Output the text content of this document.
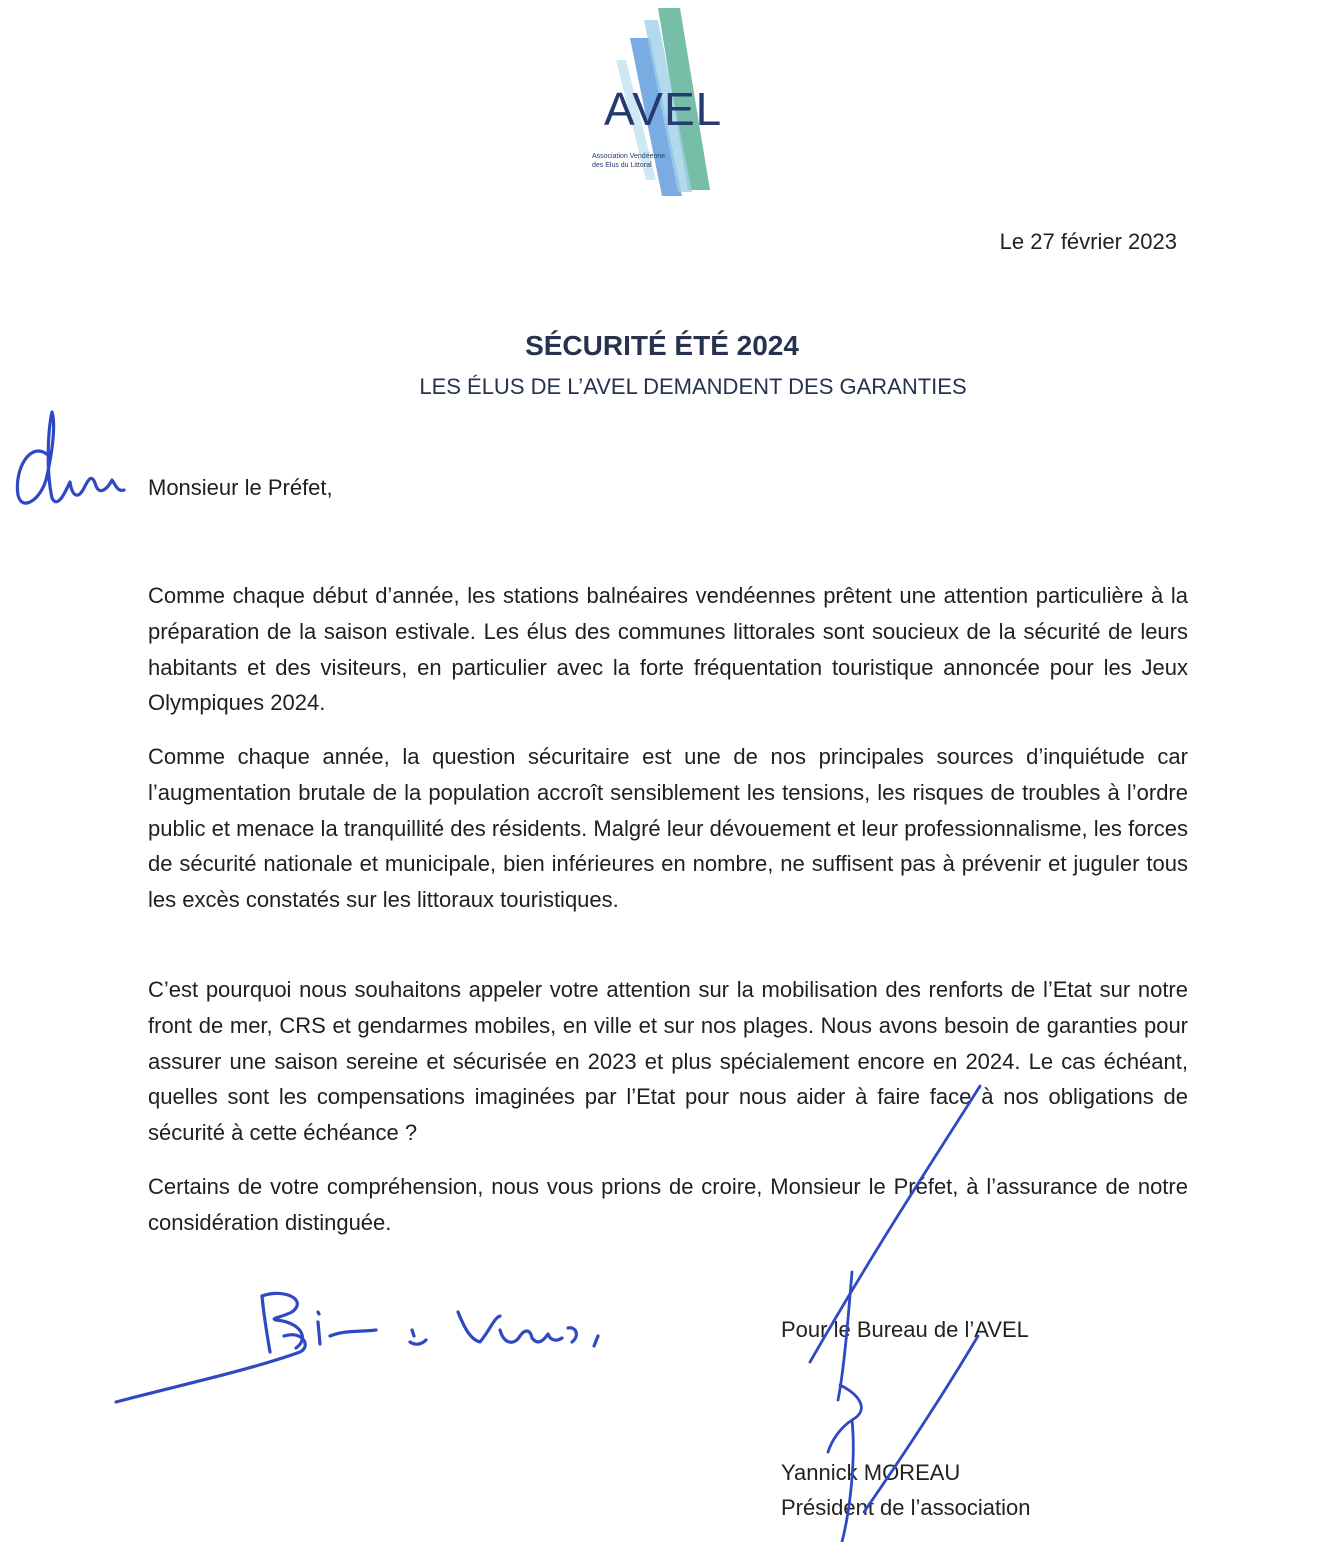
AVEL
Association Vendéenne
des Elus du Littoral
Le 27 février 2023
SÉCURITÉ ÉTÉ 2024
LES ÉLUS DE L’AVEL DEMANDENT DES GARANTIES
Monsieur le Préfet,

Comme chaque début d’année, les stations balnéaires vendéennes prêtent une attention particulière à la préparation de la saison estivale. Les élus des communes littorales sont soucieux de la sécurité de leurs habitants et des visiteurs, en particulier avec la forte fréquentation touristique annoncée pour les Jeux Olympiques 2024.

Comme chaque année, la question sécuritaire est une de nos principales sources d’inquiétude car l’augmentation brutale de la population accroît sensiblement les tensions, les risques de troubles à l’ordre public et menace la tranquillité des résidents. Malgré leur dévouement et leur professionnalisme, les forces de sécurité nationale et municipale, bien inférieures en nombre, ne suffisent pas à prévenir et juguler tous les excès constatés sur les littoraux touristiques.

C’est pourquoi nous souhaitons appeler votre attention sur la mobilisation des renforts de l’Etat sur notre front de mer, CRS et gendarmes mobiles, en ville et sur nos plages. Nous avons besoin de garanties pour assurer une saison sereine et sécurisée en 2023 et plus spécialement encore en 2024. Le cas échéant, quelles sont les compensations imaginées par l’Etat pour nous aider à faire face à nos obligations de sécurité à cette échéance ?

Certains de votre compréhension, nous vous prions de croire, Monsieur le Préfet, à l’assurance de notre considération distinguée.

Pour le Bureau de l’AVEL
Yannick MOREAU
Président de l’association
